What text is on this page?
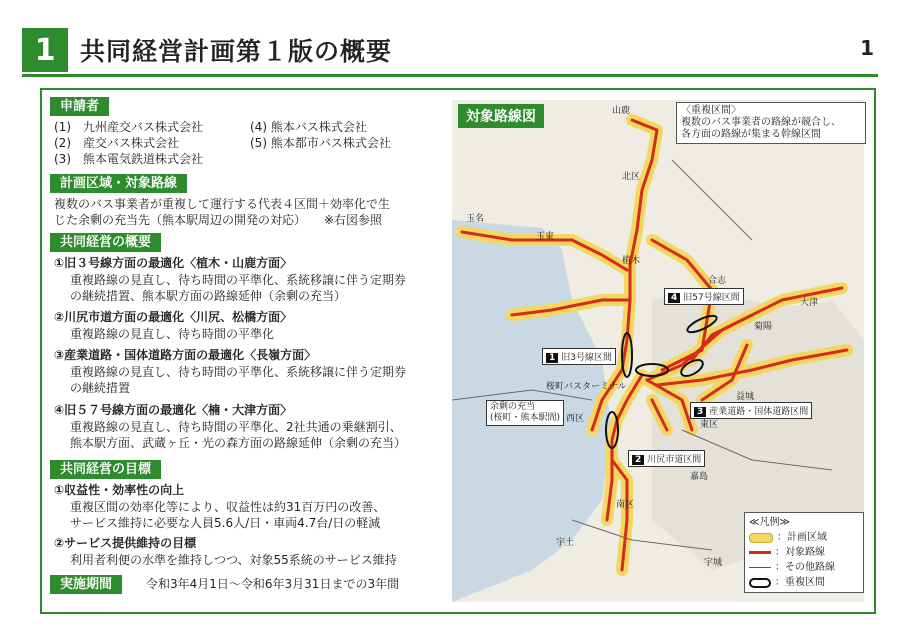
1 共同経営計画第１版の概要	1
申請者
(1)　九州産交バス株式会社
(2)　産交バス株式会社
(3)　熊本電気鉄道株式会社
(4) 熊本バス株式会社
(5) 熊本都市バス株式会社
計画区域・対象路線
複数のバス事業者が重複して運行する代表４区間＋効率化で生
じた余剰の充当先（熊本駅周辺の開発の対応）　　※右図参照
共同経営の概要
①旧３号線方面の最適化〈植木・山鹿方面〉
重複路線の見直し、待ち時間の平準化、系統移譲に伴う定期券
の継続措置、熊本駅方面の路線延伸（余剰の充当）
②川尻市道方面の最適化〈川尻、松橋方面〉
重複路線の見直し、待ち時間の平準化
③産業道路・国体道路方面の最適化〈長嶺方面〉
重複路線の見直し、待ち時間の平準化、系統移譲に伴う定期券
の継続措置
④旧５７号線方面の最適化〈楠・大津方面〉
重複路線の見直し、待ち時間の平準化、2社共通の乗継割引、
熊本駅方面、武蔵ヶ丘・光の森方面の路線延伸（余剰の充当）
共同経営の目標
①収益性・効率性の向上
重複区間の効率化等により、収益性は約31百万円の改善、
サービス維持に必要な人員5.6人/日・車両4.7台/日の軽減
②サービス提供維持の目標
利用者利便の水準を維持しつつ、対象55系統のサービス維持
実施期間	令和3年4月1日～令和6年3月31日までの3年間
対象路線図	〈重複区間〉
複数のバス事業者の路線が競合し、
各方面の路線が集まる幹線区間
4 旧57号線区間
1 旧3号線区間
3 産業道路・国体道路区間
2 川尻市道区間
余剰の充当
(桜町・熊本駅間)
桜町バスターミナル
山鹿
玉名
玉東
植木
合志
大津
菊陽
益城
西区
東区
南区
宇土
嘉島
宇城
北区
≪凡例≫
：計画区域
：対象路線
：その他路線
：重複区間
